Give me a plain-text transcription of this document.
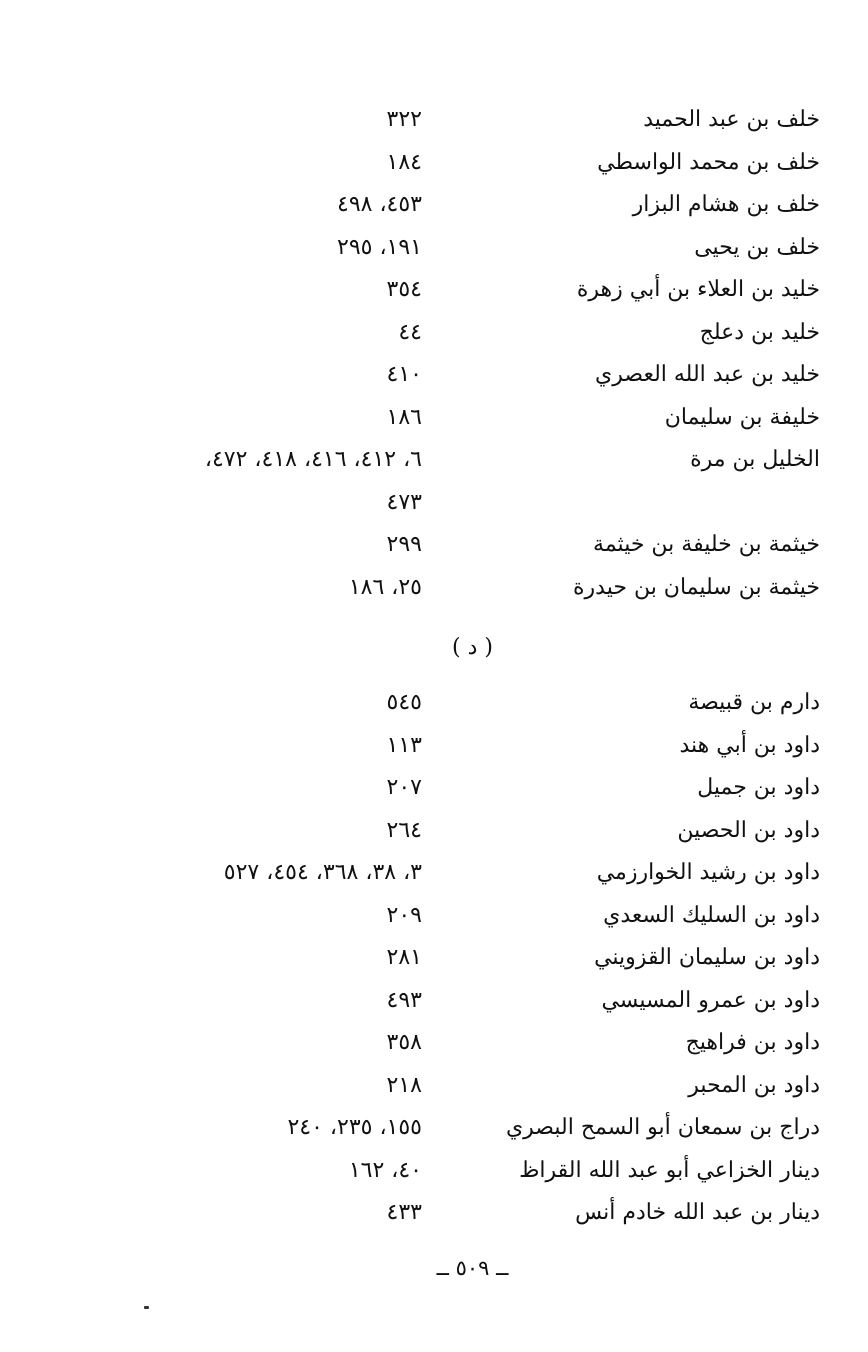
خلف بن عبد الحميد
٣٢٢
خلف بن محمد الواسطي
١٨٤
خلف بن هشام البزار
٤٥٣، ٤٩٨
خلف بن يحيى
١٩١، ٢٩٥
خليد بن العلاء بن أبي زهرة
٣٥٤
خليد بن دعلج
٤٤
خليد بن عبد الله العصري
٤١٠
خليفة بن سليمان
١٨٦
الخليل بن مرة
٦، ٤١٢، ٤١٦، ٤١٨، ٤٧٢،
٤٧٣
خيثمة بن خليفة بن خيثمة
٢٩٩
خيثمة بن سليمان بن حيدرة
٢٥، ١٨٦
( د )
دارم بن قبيصة
٥٤٥
داود بن أبي هند
١١٣
داود بن جميل
٢٠٧
داود بن الحصين
٢٦٤
داود بن رشيد الخوارزمي
٣، ٣٨، ٣٦٨، ٤٥٤، ٥٢٧
داود بن السليك السعدي
٢٠٩
داود بن سليمان القزويني
٢٨١
داود بن عمرو المسيسي
٤٩٣
داود بن فراهيج
٣٥٨
داود بن المحبر
٢١٨
دراج بن سمعان أبو السمح البصري
١٥٥، ٢٣٥، ٢٤٠
دينار الخزاعي أبو عبد الله القراظ
٤٠، ١٦٢
دينار بن عبد الله خادم أنس
٤٣٣
ــ ٥٠٩ ــ
